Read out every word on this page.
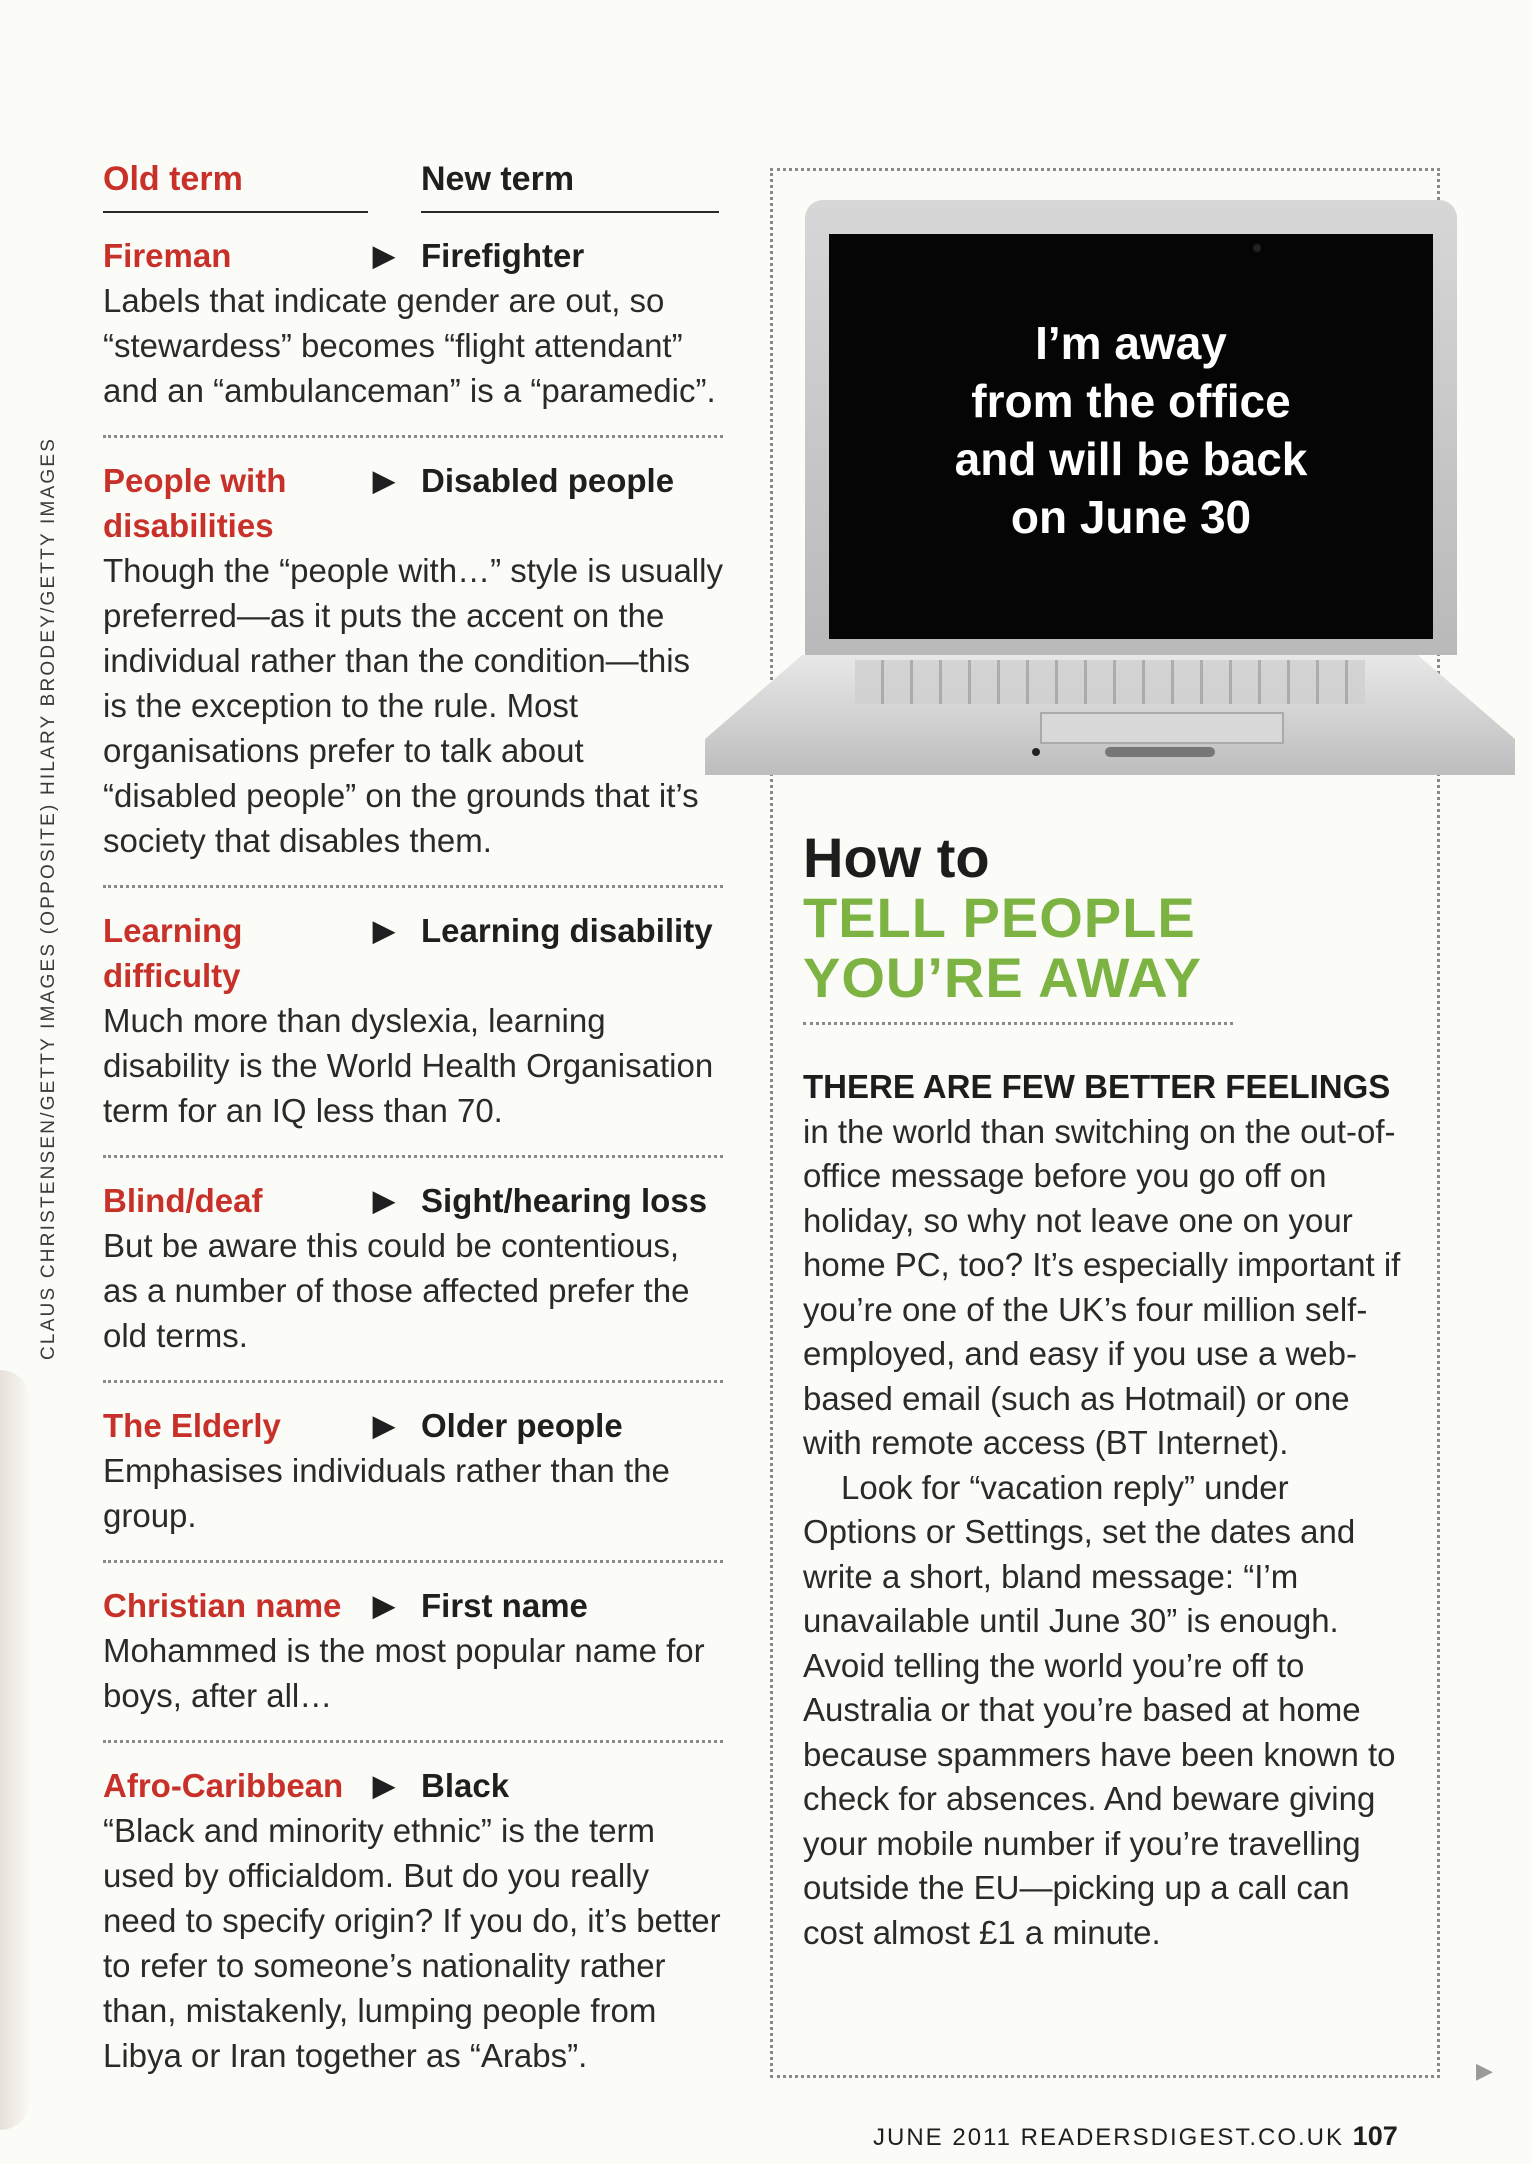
CLAUS CHRISTENSEN/GETTY IMAGES (OPPOSITE) HILARY BRODEY/GETTY IMAGES
Old term	New term
Fireman	▶ Firefighter
Labels that indicate gender are out, so “stewardess” becomes “flight attendant” and an “ambulanceman” is a “paramedic”.
People with disabilities
▶ Disabled people
Though the “people with…” style is usually preferred—as it puts the accent on the individual rather than the condition—this is the exception to the rule. Most organisations prefer to talk about “disabled people” on the grounds that it’s society that disables them.
Learning difficulty
▶ Learning disability
Much more than dyslexia, learning disability is the World Health Organisation term for an IQ less than 70.
Blind/deaf	▶ Sight/hearing loss
But be aware this could be contentious, as a number of those affected prefer the old terms.
The Elderly	▶ Older people
Emphasises individuals rather than the group.
Christian name	▶ First name
Mohammed is the most popular name for boys, after all…
Afro-Caribbean	▶ Black
“Black and minority ethnic” is the term used by officialdom. But do you really need to specify origin? If you do, it’s better to refer to someone’s nationality rather than, mistakenly, lumping people from Libya or Iran together as “Arabs”.
I’m away
from the office
and will be back
on June 30
How to
TELL PEOPLE
YOU’RE AWAY
THERE ARE FEW BETTER FEELINGS in the world than switching on the out-of-office message before you go off on holiday, so why not leave one on your home PC, too? It’s especially important if you’re one of the UK’s four million self-employed, and easy if you use a web-based email (such as Hotmail) or one with remote access (BT Internet).
Look for “vacation reply” under Options or Settings, set the dates and write a short, bland message: “I’m unavailable until June 30” is enough. Avoid telling the world you’re off to Australia or that you’re based at home because spammers have been known to check for absences. And beware giving your mobile number if you’re travelling outside the EU—picking up a call can cost almost £1 a minute.
▶
JUNE 2011 READERSDIGEST.CO.UK 107
